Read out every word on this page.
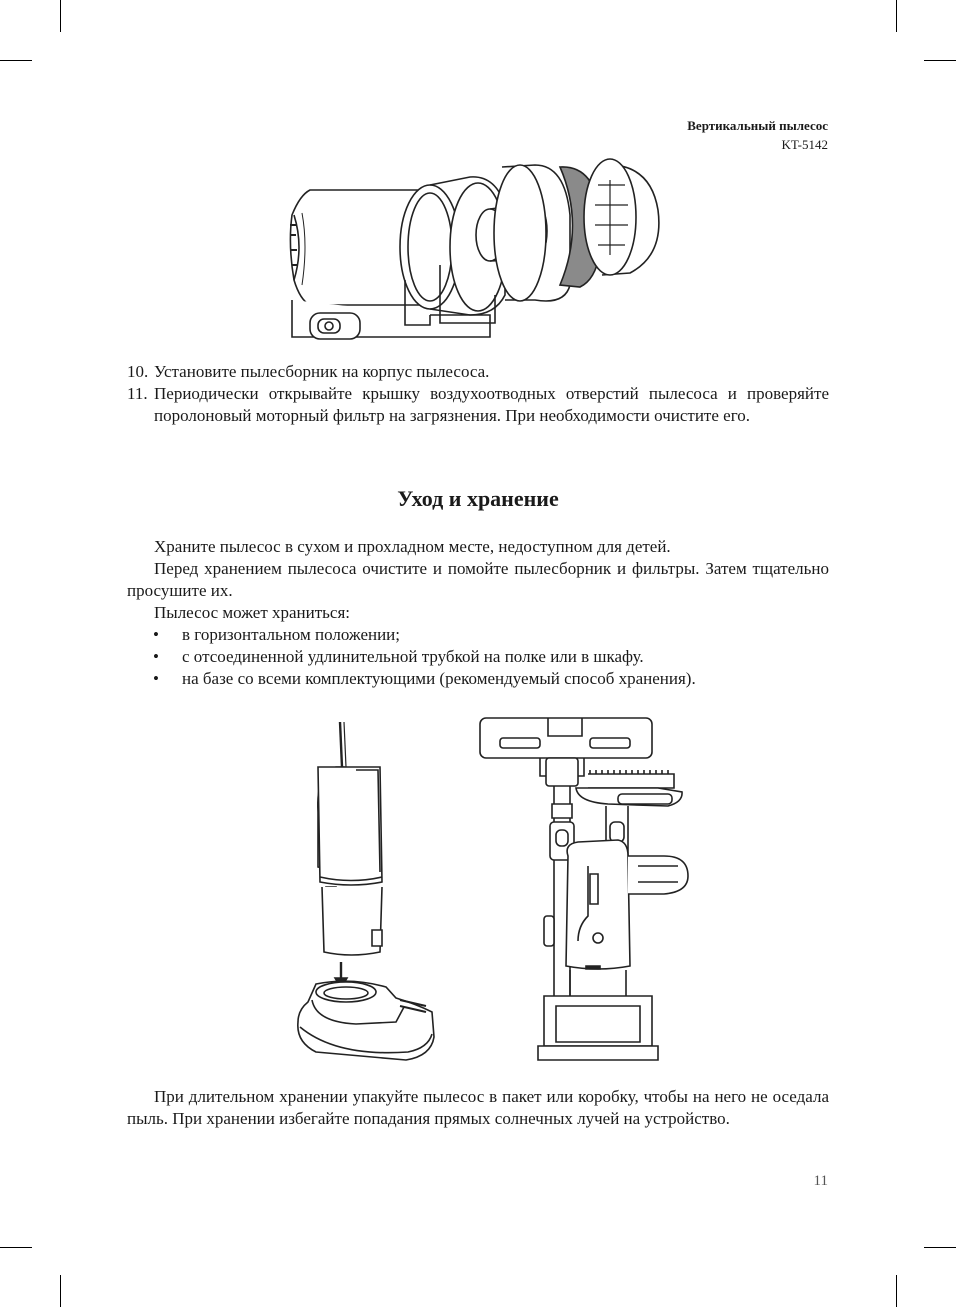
Вертикальный пылесос
KT-5142
10. Установите пылесборник на корпус пылесоса.
11. Периодически открывайте крышку воздухоотводных отверстий пылесоса и проверяйте поролоновый моторный фильтр на загрязнения. При необходимости очистите его.
Уход и хранение

Храните пылесос в сухом и прохладном месте, недоступном для детей.

Перед хранением пылесоса очистите и помойте пылесборник и фильтры. Затем тщательно просушите их.

Пылесос может храниться:

• в горизонтальном положении;
• с отсоединенной удлинительной трубкой на полке или в шкафу.
• на базе со всеми комплектующими (рекомендуемый способ хранения).

При длительном хранении упакуйте пылесос в пакет или коробку, чтобы на него не оседала пыль. При хранении избегайте попадания прямых солнечных лучей на устройство.

11
